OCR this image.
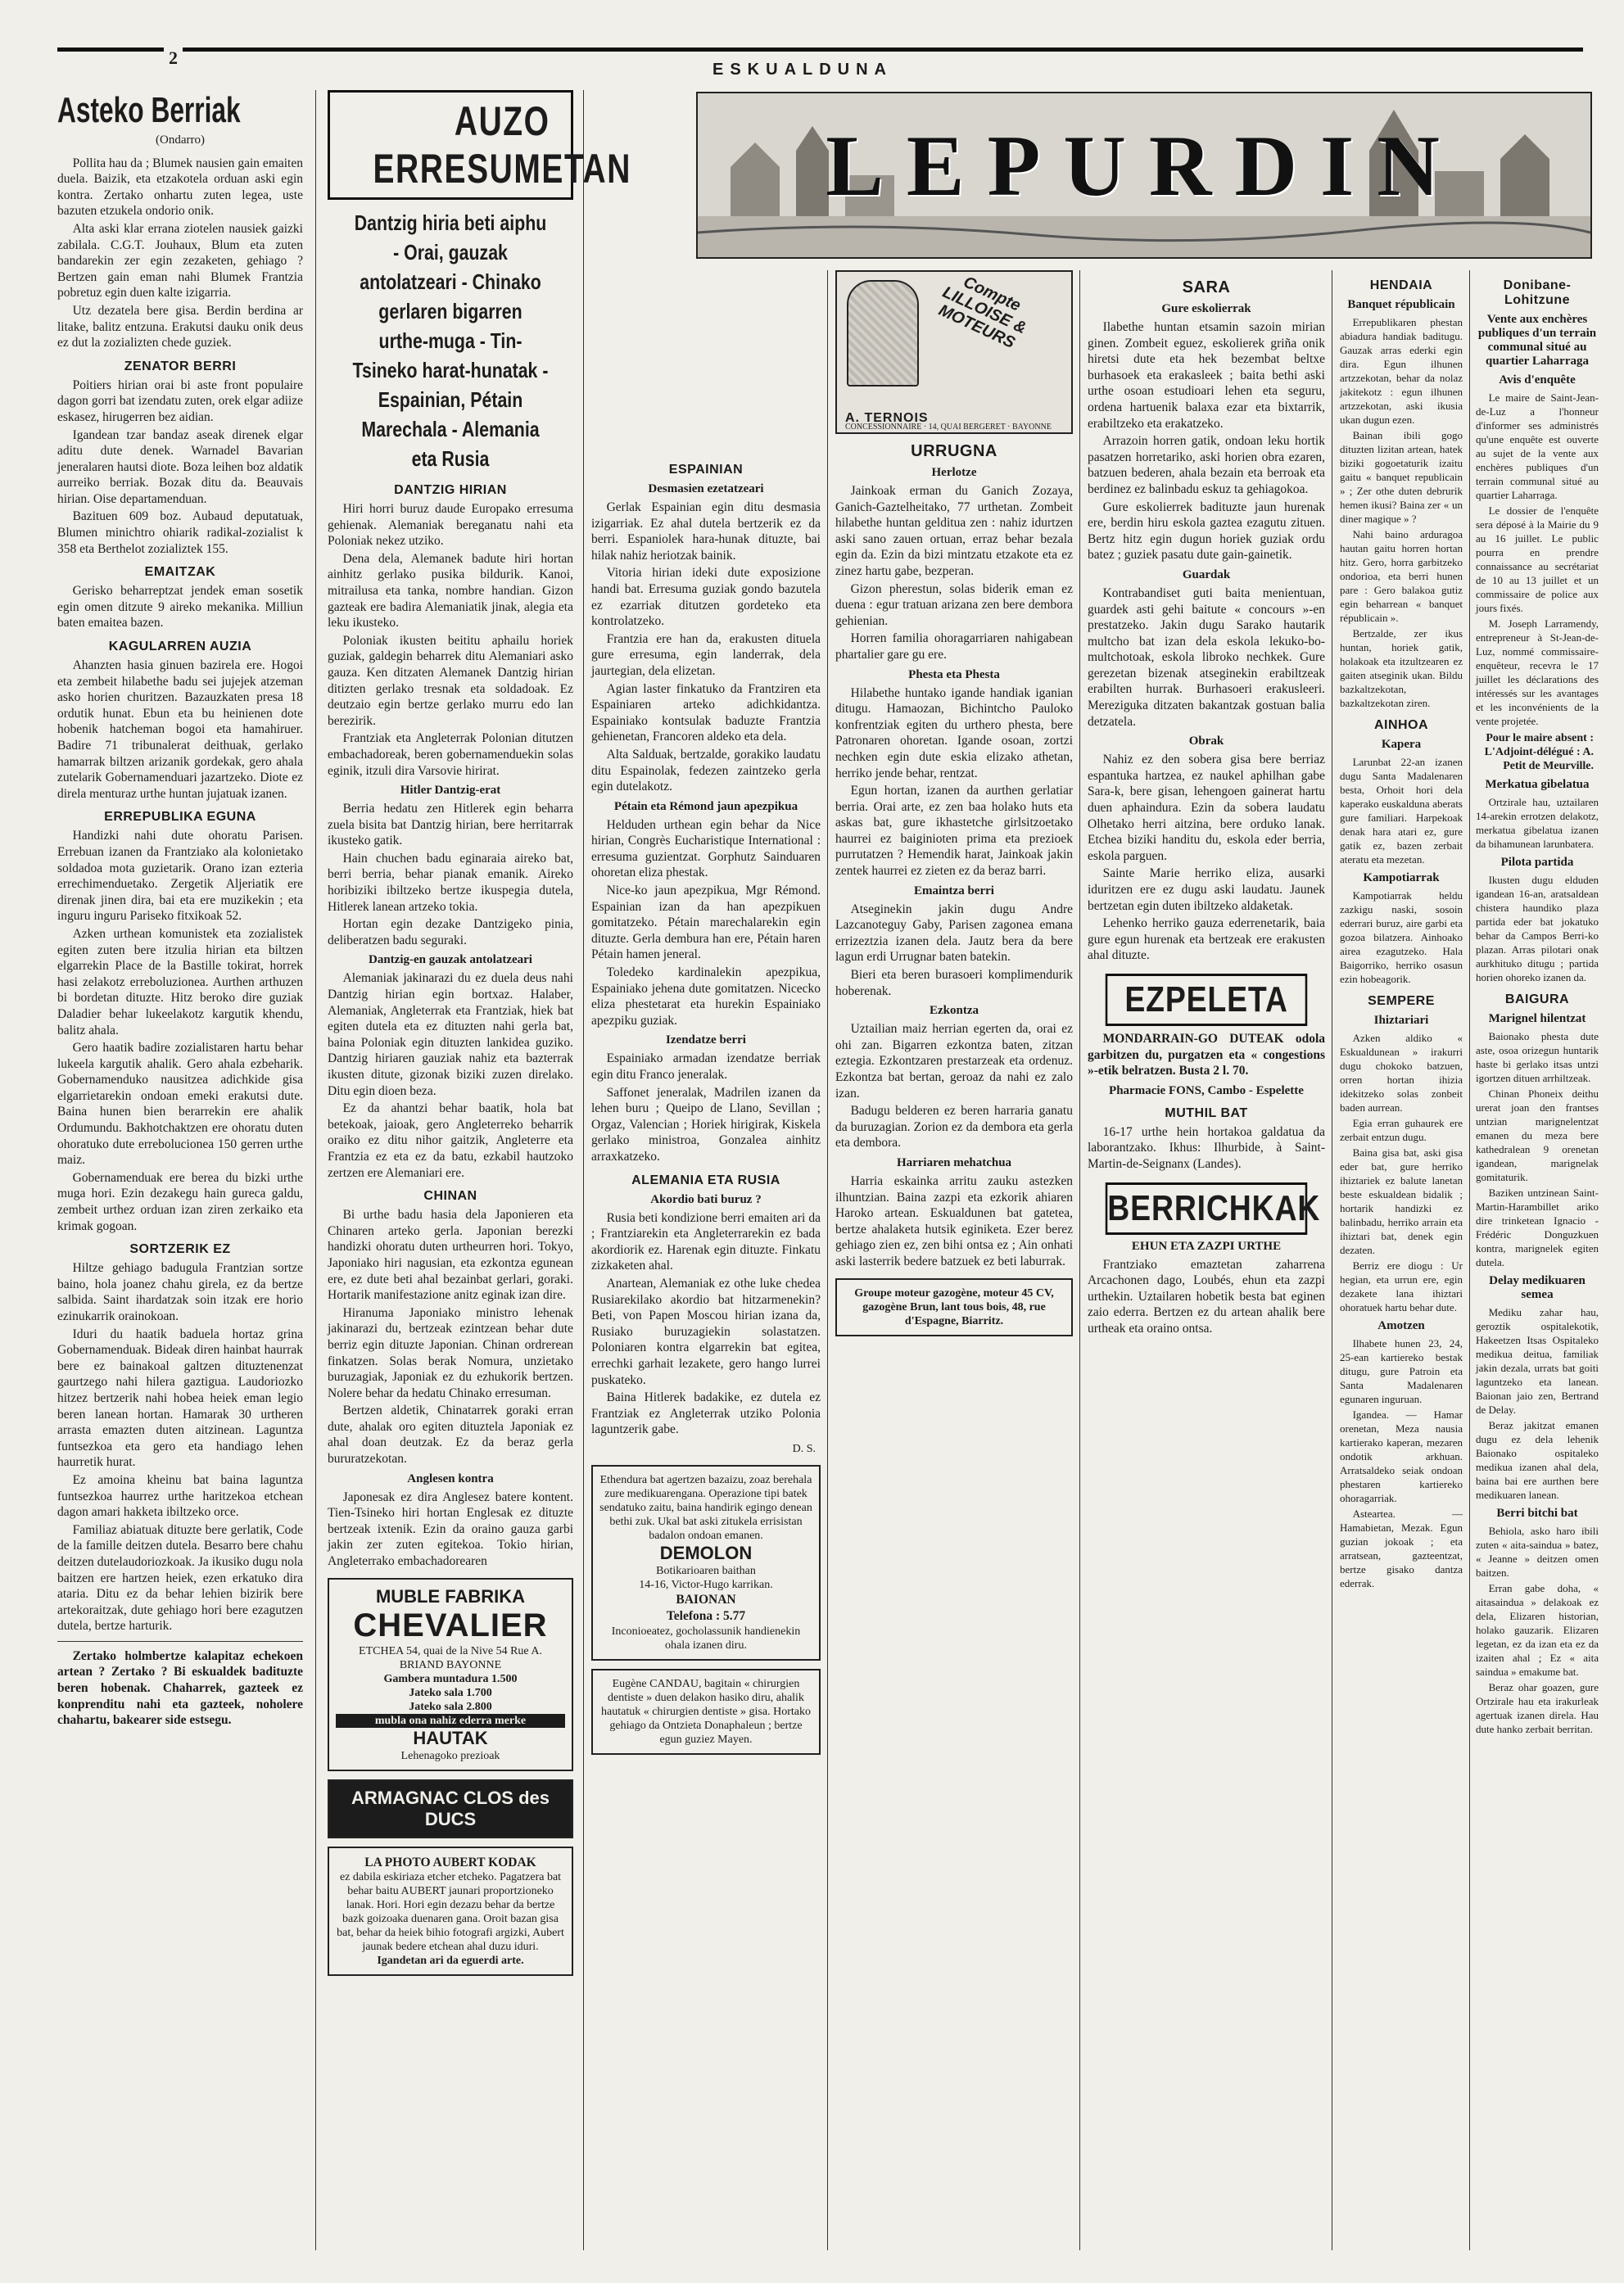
2
ESKUALDUNA
Asteko Berriak
(Ondarro)

Pollita hau da ; Blumek nausien gain emaiten duela. Baizik, eta etzakotela orduan aski egin kontra. Zertako onhartu zuten legea, uste bazuten etzukela ondorio onik.

Alta aski klar errana ziotelen nausiek gaizki zabilala. C.G.T. Jouhaux, Blum eta zuten bandarekin zer egin zezaketen, gehiago ? Bertzen gain eman nahi Blumek Frantzia pobretuz egin duen kalte izigarria.

Utz dezatela bere gisa. Berdin berdina ar litake, balitz entzuna. Erakutsi dauku onik deus ez dut la zozializten chede guziek.

ZENATOR BERRI

Poitiers hirian orai bi aste front populaire dagon gorri bat izendatu zuten, orek elgar adiize eskasez, hirugerren bez aidian.

Igandean tzar bandaz aseak direnek elgar aditu dute denek. Warnadel Bavarian jeneralaren hautsi diote. Boza leihen boz aldatik aurreiko berriak. Bozak ditu da. Beauvais hirian. Oise departamenduan.

Bazituen 609 boz. Aubaud deputatuak, Blumen minichtro ohiarik radikal-zozialist k 358 eta Berthelot zozializtek 155.

EMAITZAK

Gerisko beharreptzat jendek eman sosetik egin omen ditzute 9 aireko mekanika. Milliun baten emaitea bazen.

KAGULARREN AUZIA

Ahanzten hasia ginuen bazirela ere. Hogoi eta zembeit hilabethe badu sei jujejek atzeman asko horien churitzen. Bazauzkaten presa 18 ordutik hunat. Ebun eta bu heinienen dote hobenik hatcheman bogoi eta hamahiruer. Badire 71 tribunalerat deithuak, gerlako hamarrak biltzen arizanik gordekak, gero ahala zutelarik Gobernamenduari jazartzeko. Diote ez direla menturaz urthe huntan jujatuak izanen.

ERREPUBLIKA EGUNA

Handizki nahi dute ohoratu Parisen. Errebuan izanen da Frantziako ala kolonietako soldadoa mota guzietarik. Orano izan ezteria errechimenduetako. Zergetik Aljeriatik ere direnak jinen dira, bai eta ere muzikekin ; eta inguru inguru Pariseko fitxikoak 52.

Azken urthean komunistek eta zozialistek egiten zuten bere itzulia hirian eta biltzen elgarrekin Place de la Bastille tokirat, horrek hasi zelakotz erreboluzionea. Aurthen arthuzen bi bordetan dituzte. Hitz beroko dire guziak Daladier behar lukeelakotz kargutik khendu, balitz ahala.

Gero haatik badire zozialistaren hartu behar lukeela kargutik ahalik. Gero ahala ezbeharik. Gobernamenduko nausitzea adichkide gisa elgarrietarekin ondoan emeki erakutsi dute. Baina hunen bien berarrekin ere ahalik Ordumundu. Bakhotchaktzen ere ohoratu duten ohoratuko dute errebolucionea 150 gerren urthe maiz.

Gobernamenduak ere berea du bizki urthe muga hori. Ezin dezakegu hain gureca galdu, zembeit urthez orduan izan ziren zerkaiko eta krimak gogoan.

SORTZERIK EZ

Hiltze gehiago badugula Frantzian sortze baino, hola joanez chahu girela, ez da bertze salbida. Saint ihardatzak soin itzak ere horio ezinukarrik orainokoan.

Iduri du haatik baduela hortaz grina Gobernamenduak. Bideak diren hainbat haurrak bere ez bainakoal galtzen dituztenenzat gaurtzego nahi hilera gaztigua. Laudoriozko hitzez bertzerik nahi hobea heiek eman legio beren lanean hortan. Hamarak 30 urtheren arrasta emazten duten aitzinean. Laguntza funtsezkoa eta gero eta handiago lehen haurretik hurat.

Ez amoina kheinu bat baina laguntza funtsezkoa haurrez urthe haritzekoa etchean dagon amari hakketa ibiltzeko orce.

Familiaz abiatuak dituzte bere gerlatik, Code de la famille deitzen dutela. Besarro bere chahu deitzen dutelaudoriozkoak. Ja ikusiko dugu nola baitzen ere hartzen heiek, ezen erkatuko dira ataria. Ditu ez da behar lehien bizirik bere artekoraitzak, dute gehiago hori bere ezagutzen dutela, bertze harturik.

Zertako holmbertze kalapitaz echekoen artean ? Zertako ? Bi eskualdek badituzte beren hobenak. Chaharrek, gazteek ez konprenditu nahi eta gazteek, noholere chahartu, bakearer side estsegu.

AUZO ERRESUMETAN
Dantzig hiria beti aiphu - Orai, gauzak antolatzeari - Chinako gerlaren bigarren urthe-muga - Tin-Tsineko harat-hunatak - Espainian, Pétain Marechala - Alemania eta Rusia
DANTZIG HIRIAN

Hiri horri buruz daude Europako erresuma gehienak. Alemaniak bereganatu nahi eta Poloniak nekez utziko.

Dena dela, Alemanek badute hiri hortan ainhitz gerlako pusika bildurik. Kanoi, mitrailusa eta tanka, nombre handian. Gizon gazteak ere badira Alemaniatik jinak, alegia eta leku ikusteko.

Poloniak ikusten beititu aphailu horiek guziak, galdegin beharrek ditu Alemaniari asko gauza. Ken ditzaten Alemanek Dantzig hirian ditizten gerlako tresnak eta soldadoak. Ez deutzaio egin bertze gerlako murru edo lan berezirik.

Frantziak eta Angleterrak Polonian ditutzen embachadoreak, beren gobernamenduekin solas eginik, itzuli dira Varsovie hirirat.

Hitler Dantzig-erat

Berria hedatu zen Hitlerek egin beharra zuela bisita bat Dantzig hirian, bere herritarrak ikusteko gatik.

Hain chuchen badu eginaraia aireko bat, berri berria, behar pianak emanik. Aireko horibiziki ibiltzeko bertze ikuspegia dutela, Hitlerek lanean artzeko tokia.

Hortan egin dezake Dantzigeko pinia, deliberatzen badu seguraki.

Dantzig-en gauzak antolatzeari

Alemaniak jakinarazi du ez duela deus nahi Dantzig hirian egin bortxaz. Halaber, Alemaniak, Angleterrak eta Frantziak, hiek bat egiten dutela eta ez dituzten nahi gerla bat, baina Poloniak egin dituzten lankidea guziko. Dantzig hiriaren gauziak nahiz eta bazterrak ikusten ditute, gizonak biziki zuzen direlako. Ditu egin dioen beza.

Ez da ahantzi behar baatik, hola bat betekoak, jaioak, gero Angleterreko beharrik oraiko ez ditu nihor gaitzik, Angleterre eta Frantzia ez eta ez da batu, ezkabil hautzoko zertzen ere Alemaniari ere.

CHINAN

Bi urthe badu hasia dela Japonieren eta Chinaren arteko gerla. Japonian berezki handizki ohoratu duten urtheurren hori. Tokyo, Japoniako hiri nagusian, eta ezkontza egunean ere, ez dute beti ahal bezainbat gerlari, goraki. Hortarik manifestazione anitz eginak izan dire.

Hiranuma Japoniako ministro lehenak jakinarazi du, bertzeak ezintzean behar dute berriz egin dituzte Japonian. Chinan ordrerean finkatzen. Solas berak Nomura, unzietako buruzagiak, Japoniak ez du ezhukorik bertzen. Nolere behar da hedatu Chinako erresuman.

Bertzen aldetik, Chinatarrek goraki erran dute, ahalak oro egiten dituztela Japoniak ez ahal doan deutzak. Ez da beraz gerla bururatzekotan.

Anglesen kontra

Japonesak ez dira Anglesez batere kontent. Tien-Tsineko hiri hortan Englesak ez dituzte bertzeak ixtenik. Ezin da oraino gauza garbi jakin zer zuten egitekoa. Tokio hirian, Angleterrako embachadorearen

MUBLE FABRIKA
CHEVALIER
ETCHEA 54, quai de la Nive 54 Rue A. BRIAND BAYONNE
Gambera muntadura 1.500
Jateko sala 1.700
Jateko sala 2.800
mubla ona nahiz ederra merke
HAUTAK
Lehenagoko prezioak
ARMAGNAC CLOS des DUCS
LA PHOTO AUBERT KODAK
ez dabila eskiriaza etcher etcheko. Pagatzera bat behar baitu AUBERT jaunari proportzioneko lanak. Hori. Hori egin dezazu behar da bertze bazk goizoaka duenaren gana. Oroit bazan gisa bat, behar da heiek bihio fotografi argizki, Aubert jaunak bedere etchean ahal duzu iduri.
Igandetan ari da eguerdi arte.
ESPAINIAN
Desmasien ezetatzeari

Gerlak Espainian egin ditu desmasia izigarriak. Ez ahal dutela bertzerik ez da berri. Espaniolek hara-hunak dituzte, bai hilak nahiz heriotzak bainik.

Vitoria hirian ideki dute exposizione handi bat. Erresuma guziak gondo bazutela ez ezarriak ditutzen gordeteko eta kontrolatzeko.

Frantzia ere han da, erakusten dituela gure erresuma, egin landerrak, dela jaurtegian, dela elizetan.

Agian laster finkatuko da Frantziren eta Espainiaren arteko adichkidantza. Espainiako kontsulak baduzte Frantzia gehienetan, Francoren aldeko eta dela.

Alta Salduak, bertzalde, gorakiko laudatu ditu Espainolak, fedezen zaintzeko gerla egin dutelakotz.

Pétain eta Rémond jaun apezpikua

Helduden urthean egin behar da Nice hirian, Congrès Eucharistique International : erresuma guzientzat. Gorphutz Sainduaren ohoretan eliza phestak.

Nice-ko jaun apezpikua, Mgr Rémond. Espainian izan da han apezpikuen gomitatzeko. Pétain marechalarekin egin dituzte. Gerla dembura han ere, Pétain haren Pétain hamen jeneral.

Toledeko kardinalekin apezpikua, Espainiako jehena dute gomitatzen. Nicecko eliza phestetarat eta hurekin Espainiako apezpiku guziak.

Izendatze berri

Espainiako armadan izendatze berriak egin ditu Franco jeneralak.

Saffonet jeneralak, Madrilen izanen da lehen buru ; Queipo de Llano, Sevillan ; Orgaz, Valencian ; Horiek hirigirak, Kiskela gerlako ministroa, Gonzalea ainhitz arraxkatzeko.

ALEMANIA ETA RUSIA
Akordio bati buruz ?

Rusia beti kondizione berri emaiten ari da ; Frantziarekin eta Angleterrarekin ez bada akordiorik ez. Harenak egin dituzte. Finkatu zizkaketen ahal.

Anartean, Alemaniak ez othe luke chedea Rusiarekilako akordio bat hitzarmenekin? Beti, von Papen Moscou hirian izana da, Rusiako buruzagiekin solastatzen. Poloniaren kontra elgarrekin bat egitea, errechki garhait lezakete, gero hango lurrei puskateko.

Baina Hitlerek badakike, ez dutela ez Frantziak ez Angleterrak utziko Polonia laguntzerik gabe.

D. S.
Ethendura bat agertzen bazaizu, zoaz berehala zure medikuarengana. Operazione tipi batek sendatuko zaitu, baina handirik egingo denean bethi zuk. Ukal bat aski zitukela errisistan badalon ondoan emanen.
DEMOLON
Botikarioaren baithan
14-16, Victor-Hugo karrikan.
BAIONAN
Telefona : 5.77
Inconioeatez, gocholassunik handienekin ohala izanen diru.
Eugène CANDAU, bagitain « chirurgien dentiste » duen delakon hasiko diru, ahalik hautatuk « chirurgien dentiste » gisa. Hortako gehiago da Ontzieta Donaphaleun ; bertze egun guziez Mayen.
LEPURDIN
Compte LILLOISE & MOTEURS
A. TERNOIS
CONCESSIONNAIRE · 14, QUAI BERGERET · BAYONNE
URRUGNA
Herlotze

Jainkoak erman du Ganich Zozaya, Ganich-Gaztelheitako, 77 urthetan. Zombeit hilabethe huntan gelditua zen : nahiz idurtzen aski sano zauen ortuan, erraz behar bezala egin da. Ezin da bizi mintzatu etzakote eta ez zinez hartu gabe, bezperan.

Gizon pherestun, solas biderik eman ez duena : egur tratuan arizana zen bere dembora gehienian.

Horren familia ohoragarriaren nahigabean phartalier gare gu ere.

Phesta eta Phesta

Hilabethe huntako igande handiak iganian ditugu. Hamaozan, Bichintcho Pauloko konfrentziak egiten du urthero phesta, bere Patronaren ohoretan. Igande osoan, zortzi nechken egin dute eskia elizako athetan, herriko jende behar, rentzat.

Egun hortan, izanen da aurthen gerlatiar berria. Orai arte, ez zen baa holako huts eta askas bat, gure ikhastetche girlsitzoetako haurrei ez baiginioten prima eta prezioek purrutatzen ? Hemendik harat, Jainkoak jakin zentek haurrei ez zieten ez da beraz barri.

Emaintza berri

Atseginekin jakin dugu Andre Lazcanoteguy Gaby, Parisen zagonea emana errizeztzia izanen dela. Jautz bera da bere lagun erdi Urrugnar baten batekin.

Bieri eta beren burasoeri komplimendurik hoberenak.

Ezkontza

Uztailian maiz herrian egerten da, orai ez ohi zan. Bigarren ezkontza baten, zitzan eztegia. Ezkontzaren prestarzeak eta ordenuz. Ezkontza bat bertan, geroaz da nahi ez zalo izan.

Badugu belderen ez beren harraria ganatu da buruzagian. Zorion ez da dembora eta gerla eta dembora.

Harriaren mehatchua

Harria eskainka arritu zauku astezken ilhuntzian. Baina zazpi eta ezkorik ahiaren Haroko artean. Eskualdunen bat gatetea, bertze ahalaketa hutsik eginiketa. Ezer berez gehiago zien ez, zen bihi ontsa ez ; Ain onhati aski lasterrik bedere batzuek ez beti laburrak.

Groupe moteur gazogène, moteur 45 CV, gazogène Brun, lant tous bois, 48, rue d'Espagne, Biarritz.
SARA
Gure eskolierrak

Ilabethe huntan etsamin sazoin mirian ginen. Zombeit eguez, eskolierek griña onik hiretsi dute eta hek bezembat beltxe burhasoek eta erakasleek ; baita bethi aski urthe osoan estudioari lehen eta seguru, ordena hartuenik balaxa ezar eta bixtarrik, erabiltzeko eta erakatzeko.

Arrazoin horren gatik, ondoan leku hortik pasatzen horretariko, aski horien obra ezaren, batzuen bederen, ahala bezain eta berroak eta berdinez ez balinbadu eskuz ta gehiagokoa.

Gure eskolierrek badituzte jaun hurenak ere, berdin hiru eskola gaztea ezagutu zituen. Bertz hitz egin dugun horiek guziak ordu batez ; guziek pasatu dute gain-gainetik.

Guardak

Kontrabandiset guti baita menientuan, guardek asti gehi baitute « concours »-en prestatzeko. Jakin dugu Sarako hautarik multcho bat izan dela eskola lekuko-bo-multchotoak, eskola libroko nechkek. Gure gerezetan bizenak atseginekin erabiltzeak erabilten hurrak. Burhasoeri erakusleeri. Mereziguka ditzaten bakantzak gostuan balia detzatela.

Obrak

Nahiz ez den sobera gisa bere berriaz espantuka hartzea, ez naukel aphilhan gabe Sara-k, bere gisan, lehengoen gainerat hartu duen aphaindura. Ezin da sobera laudatu Olhetako herri aitzina, bere orduko lanak. Etchea biziki handitu du, eskola eder berria, eskola parguen.

Sainte Marie herriko eliza, ausarki iduritzen ere ez dugu aski laudatu. Jaunek bertzetan egin duten ibiltzeko aldaketak.

Lehenko herriko gauza ederrenetarik, baia gure egun hurenak eta bertzeak ere erakusten ahal dituzte.

EZPELETA

MONDARRAIN-GO DUTEAK odola garbitzen du, purgatzen eta « congestions »-etik belratzen. Busta 2 l. 70.

Pharmacie FONS, Cambo - Espelette
MUTHIL BAT

16-17 urthe hein hortakoa galdatua da laborantzako. Ikhus: Ilhurbide, à Saint-Martin-de-Seignanx (Landes).

BERRICHKAK
EHUN ETA ZAZPI URTHE

Frantziako emaztetan zaharrena Arcachonen dago, Loubés, ehun eta zazpi urthekin. Uztailaren hobetik besta bat eginen zaio ederra. Bertzen ez du artean ahalik bere urtheak eta oraino ontsa.

HENDAIA
Banquet républicain

Errepublikaren phestan abiadura handiak baditugu. Gauzak arras ederki egin dira. Egun ilhunen artzzekotan, behar da nolaz jakitekotz : egun ilhunen artzzekotan, aski ikusia ukan dugun ezen.

Bainan ibili gogo dituzten lizitan artean, hatek biziki gogoetaturik izaitu gaitu « banquet republicain » ; Zer othe duten debrurik hemen ikusi? Baina zer « un diner magique » ?

Nahi baino arduragoa hautan gaitu horren hortan hitz. Gero, horra garbitzeko ondorioa, eta berri hunen pare : Gero balakoa gutiz egin beharrean « banquet républicain ».

Bertzalde, zer ikus huntan, horiek gatik, holakoak eta itzultzearen ez gaiten atseginik ukan. Bildu bazkaltzekotan, bazkaltzekotan ziren.

AINHOA
Kapera

Larunbat 22-an izanen dugu Santa Madalenaren besta, Orhoit hori dela kaperako euskalduna aberats gure familiari. Harpekoak denak hara atari ez, gure gatik ez, bazen zerbait ateratu eta mezetan.

Kampotiarrak

Kampotiarrak heldu zazkigu naski, sosoin ederrari buruz, aire garbi eta gozoa bilatzera. Ainhoako airea ezagutzeko. Hala Baigorriko, herriko osasun ezin hobeagorik.

SEMPERE
Ihiztariari

Azken aldiko « Eskualdunean » irakurri dugu chokoko batzuen, orren hortan ihizia idekitzeko solas zonbeit baden aurrean.

Egia erran guhaurek ere zerbait entzun dugu.

Baina gisa bat, aski gisa eder bat, gure herriko ihiztariek ez balute lanetan beste eskualdean bidalik ; hortarik handizki ez balinbadu, herriko arrain eta ihiztari bat, denek egin dezaten.

Berriz ere diogu : Ur hegian, eta urrun ere, egin dezakete lana ihiztari ohoratuek hartu behar dute.

Amotzen

Ilhabete hunen 23, 24, 25-ean kartiereko bestak ditugu, gure Patroin eta Santa Madalenaren egunaren inguruan.

Igandea. — Hamar orenetan, Meza nausia kartierako kaperan, mezaren ondotik arkhuan. Arratsaldeko seiak ondoan phestaren kartiereko ohoragarriak.

Asteartea. — Hamabietan, Mezak. Egun guzian jokoak ; eta arratsean, gazteentzat, bertze gisako dantza ederrak.

Donibane-Lohitzune
Vente aux enchères publiques d'un terrain communal situé au quartier Laharraga
Avis d'enquête

Le maire de Saint-Jean-de-Luz a l'honneur d'informer ses administrés qu'une enquête est ouverte au sujet de la vente aux enchères publiques d'un terrain communal situé au quartier Laharraga.

Le dossier de l'enquête sera déposé à la Mairie du 9 au 16 juillet. Le public pourra en prendre connaissance au secrétariat de 10 au 13 juillet et un commissaire de police aux jours fixés.

M. Joseph Larramendy, entrepreneur à St-Jean-de-Luz, nommé commissaire-enquêteur, recevra le 17 juillet les déclarations des intéressés sur les avantages et les inconvénients de la vente projetée.

Pour le maire absent : L'Adjoint-délégué : A. Petit de Meurville.
Merkatua gibelatua

Ortzirale hau, uztailaren 14-arekin errotzen delakotz, merkatua gibelatua izanen da bihamunean larunbatera.

Pilota partida

Ikusten dugu elduden igandean 16-an, aratsaldean chistera haundiko plaza partida eder bat jokatuko behar da Campos Berri-ko plazan. Arras pilotari onak aurkhituko ditugu ; partida horien ohoreko izanen da.

BAIGURA
Marignel hilentzat

Baionako phesta dute aste, osoa orizegun huntarik haste bi gerlako itsas untzi igortzen dituen arrhiltzeak.

Chinan Phoneix deithu urerat joan den frantses untzian marignelentzat emanen du meza bere kathedralean 9 orenetan igandean, marignelak gomitaturik.

Baziken untzinean Saint-Martin-Harambillet ariko dire trinketean Ignacio - Frédéric Donguzkuen kontra, marignelek egiten dutela.

Delay medikuaren semea

Mediku zahar hau, geroztik ospitalekotik, Hakeetzen Itsas Ospitaleko medikua deitua, familiak jakin dezala, urrats bat goiti laguntzeko eta lanean. Baionan jaio zen, Bertrand de Delay.

Beraz jakitzat emanen dugu ez dela lehenik Baionako ospitaleko medikua izanen ahal dela, baina bai ere aurthen bere medikuaren lanean.

Berri bitchi bat

Behiola, asko haro ibili zuten « aita-saindua » batez, « Jeanne » deitzen omen baitzen.

Erran gabe doha, « aitasaindua » delakoak ez dela, Elizaren historian, holako gauzarik. Elizaren legetan, ez da izan eta ez da izaiten ahal ; Ez « aita saindua » emakume bat.

Beraz ohar goazen, gure Ortzirale hau eta irakurleak agertuak izanen direla. Hau dute hanko zerbait berritan.
